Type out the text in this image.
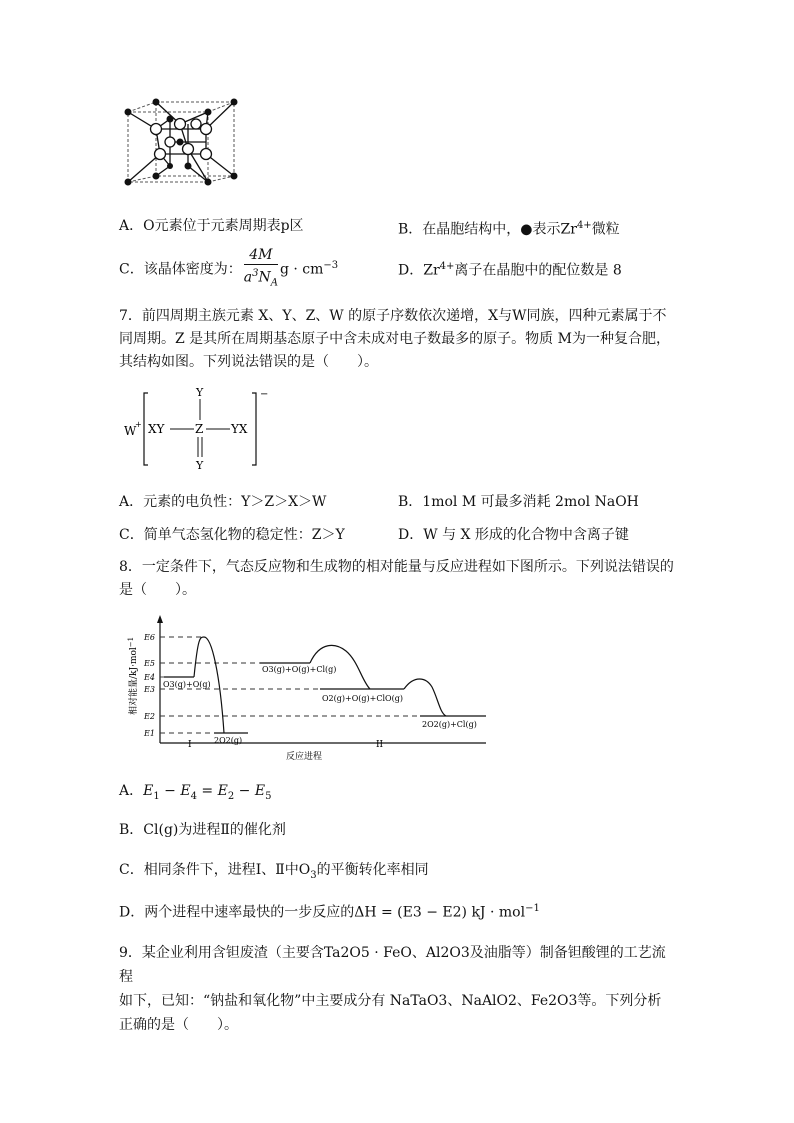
A．O元素位于元素周期表p区	B．在晶胞结构中，●表示$Zr^{4+}$微粒
C．该晶体密度为： $\frac{4M}{a^3N_A}$ $g \cdot cm^{-3}$	D．$Zr^{4+}$离子在晶胞中的配位数是 8
7．前四周期主族元素 X、Y、Z、W 的原子序数依次递增，X与W同族，四种元素属于不
同周期。Z 是其所在周期基态原子中含未成对电子数最多的原子。物质 M为一种复合肥，
其结构如图。下列说法错误的是（　　）。
W
+
−
XY	Z YX
Y
Y
A．元素的电负性：Y＞Z＞X＞W	B．1mol M 可最多消耗 2mol NaOH
C．简单气态氢化物的稳定性：Z＞Y	D．W 与 X 形成的化合物中含离子键
8．一定条件下，气态反应物和生成物的相对能量与反应进程如下图所示。下列说法错误的
是（　　）。
相对能量/kJ·mol$^{-1}$	E6
E5
E4
E3
E2
E1
O3(g)+O(g)
2O2(g)
O3(g)+O(g)+Cl(g)
O2(g)+O(g)+ClO(g)
2O2(g)+Cl(g)
I	II
反应进程
A．$E_1 - E_4 = E_2 - E_5$
B．Cl(g)为进程Ⅱ的催化剂
C．相同条件下，进程Ⅰ、Ⅱ中$O_3$的平衡转化率相同
D．两个进程中速率最快的一步反应的ΔH = (E3 − E2) kJ · mol$^{-1}$
9．某企业利用含钽废渣（主要含Ta2O5 · FeO、Al2O3及油脂等）制备钽酸锂的工艺流程
如下，已知：“钠盐和氧化物”中主要成分有 NaTaO3、NaAlO2、Fe2O3等。下列分析
正确的是（　　）。
